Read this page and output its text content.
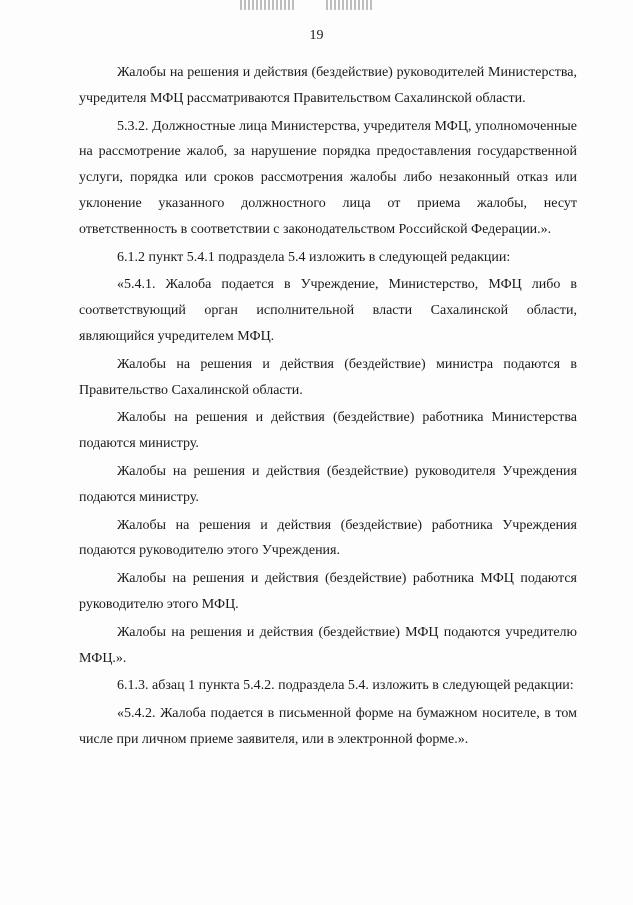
19

Жалобы на решения и действия (бездействие) руководителей Министерства, учредителя МФЦ рассматриваются Правительством Сахалинской области.

5.3.2. Должностные лица Министерства, учредителя МФЦ, уполномоченные на рассмотрение жалоб, за нарушение порядка предоставления государственной услуги, порядка или сроков рассмотрения жалобы либо незаконный отказ или уклонение указанного должностного лица от приема жалобы, несут ответственность в соответствии с законодательством Российской Федерации.».

6.1.2 пункт 5.4.1 подраздела 5.4 изложить в следующей редакции:

«5.4.1. Жалоба подается в Учреждение, Министерство, МФЦ либо в соответствующий орган исполнительной власти Сахалинской области, являющийся учредителем МФЦ.

Жалобы на решения и действия (бездействие) министра подаются в Правительство Сахалинской области.

Жалобы на решения и действия (бездействие) работника Министерства подаются министру.

Жалобы на решения и действия (бездействие) руководителя Учреждения подаются министру.

Жалобы на решения и действия (бездействие) работника Учреждения подаются руководителю этого Учреждения.

Жалобы на решения и действия (бездействие) работника МФЦ подаются руководителю этого МФЦ.

Жалобы на решения и действия (бездействие) МФЦ подаются учредителю МФЦ.».

6.1.3. абзац 1 пункта 5.4.2. подраздела 5.4. изложить в следующей редакции:

«5.4.2. Жалоба подается в письменной форме на бумажном носителе, в том числе при личном приеме заявителя, или в электронной форме.».
